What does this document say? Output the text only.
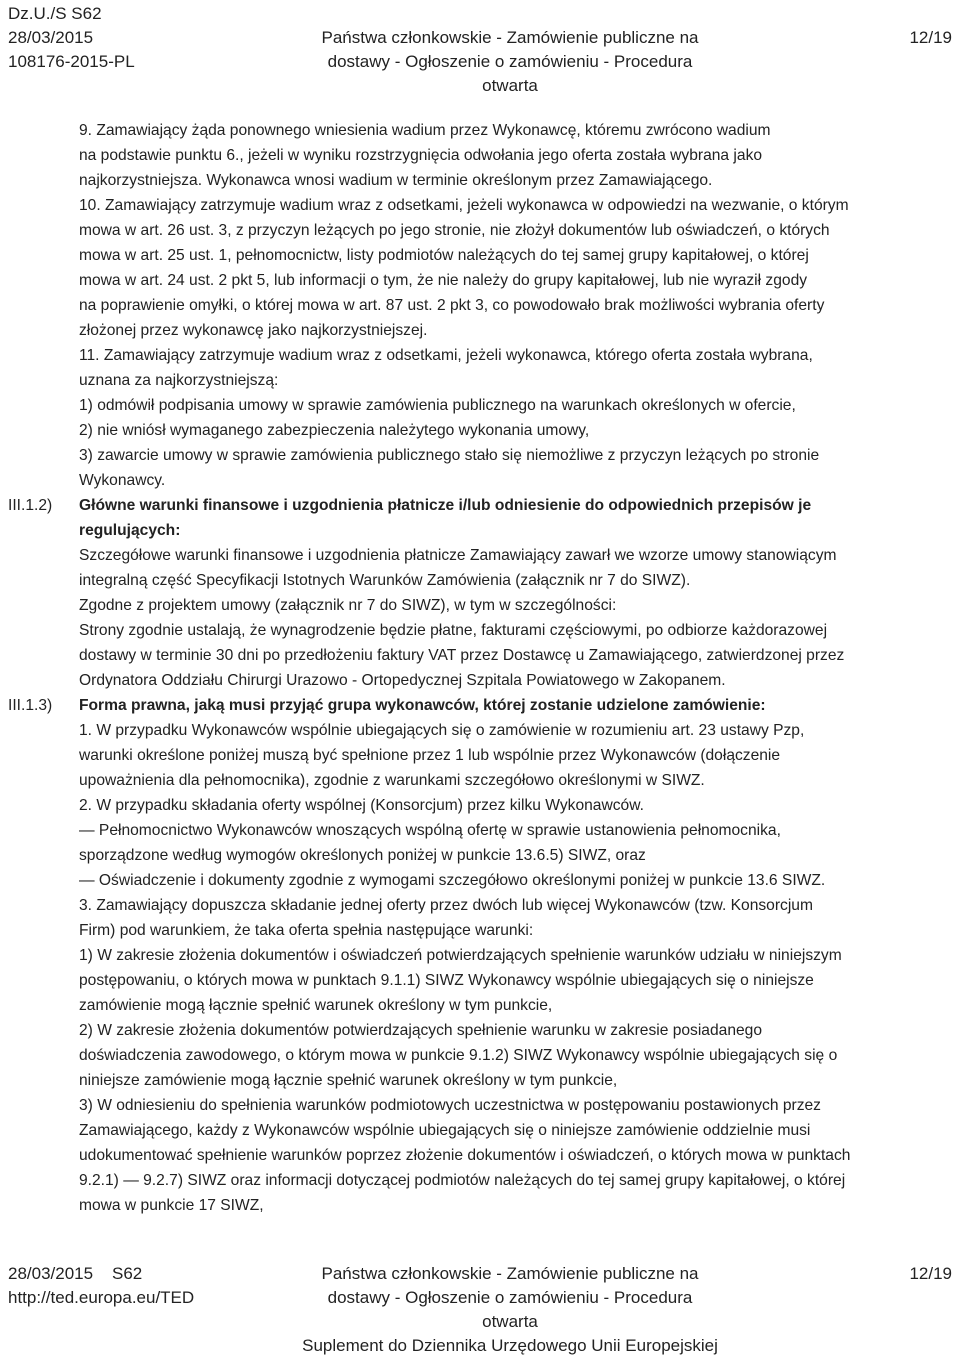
Dz.U./S S62
28/03/2015
108176-2015-PL
Państwa członkowskie - Zamówienie publiczne na
dostawy - Ogłoszenie o zamówieniu - Procedura otwarta
12/19
9. Zamawiający żąda ponownego wniesienia wadium przez Wykonawcę, któremu zwrócono wadium
na podstawie punktu 6., jeżeli w wyniku rozstrzygnięcia odwołania jego oferta została wybrana jako
najkorzystniejsza. Wykonawca wnosi wadium w terminie określonym przez Zamawiającego.
10. Zamawiający zatrzymuje wadium wraz z odsetkami, jeżeli wykonawca w odpowiedzi na wezwanie, o którym
mowa w art. 26 ust. 3, z przyczyn leżących po jego stronie, nie złożył dokumentów lub oświadczeń, o których
mowa w art. 25 ust. 1, pełnomocnictw, listy podmiotów należących do tej samej grupy kapitałowej, o której
mowa w art. 24 ust. 2 pkt 5, lub informacji o tym, że nie należy do grupy kapitałowej, lub nie wyraził zgody
na poprawienie omyłki, o której mowa w art. 87 ust. 2 pkt 3, co powodowało brak możliwości wybrania oferty
złożonej przez wykonawcę jako najkorzystniejszej.
11. Zamawiający zatrzymuje wadium wraz z odsetkami, jeżeli wykonawca, którego oferta została wybrana,
uznana za najkorzystniejszą:
1) odmówił podpisania umowy w sprawie zamówienia publicznego na warunkach określonych w ofercie,
2) nie wniósł wymaganego zabezpieczenia należytego wykonania umowy,
3) zawarcie umowy w sprawie zamówienia publicznego stało się niemożliwe z przyczyn leżących po stronie
Wykonawcy.
III.1.2) Główne warunki finansowe i uzgodnienia płatnicze i/lub odniesienie do odpowiednich przepisów je
regulujących:
Szczegółowe warunki finansowe i uzgodnienia płatnicze Zamawiający zawarł we wzorze umowy stanowiącym
integralną część Specyfikacji Istotnych Warunków Zamówienia (załącznik nr 7 do SIWZ).
Zgodne z projektem umowy (załącznik nr 7 do SIWZ), w tym w szczególności:
Strony zgodnie ustalają, że wynagrodzenie będzie płatne, fakturami częściowymi, po odbiorze każdorazowej
dostawy w terminie 30 dni po przedłożeniu faktury VAT przez Dostawcę u Zamawiającego, zatwierdzonej przez
Ordynatora Oddziału Chirurgi Urazowo - Ortopedycznej Szpitala Powiatowego w Zakopanem.
III.1.3) Forma prawna, jaką musi przyjąć grupa wykonawców, której zostanie udzielone zamówienie:
1. W przypadku Wykonawców wspólnie ubiegających się o zamówienie w rozumieniu art. 23 ustawy Pzp,
warunki określone poniżej muszą być spełnione przez 1 lub wspólnie przez Wykonawców (dołączenie
upoważnienia dla pełnomocnika), zgodnie z warunkami szczegółowo określonymi w SIWZ.
2. W przypadku składania oferty wspólnej (Konsorcjum) przez kilku Wykonawców.
— Pełnomocnictwo Wykonawców wnoszących wspólną ofertę w sprawie ustanowienia pełnomocnika,
sporządzone według wymogów określonych poniżej w punkcie 13.6.5) SIWZ, oraz
— Oświadczenie i dokumenty zgodnie z wymogami szczegółowo określonymi poniżej w punkcie 13.6 SIWZ.
3. Zamawiający dopuszcza składanie jednej oferty przez dwóch lub więcej Wykonawców (tzw. Konsorcjum
Firm) pod warunkiem, że taka oferta spełnia następujące warunki:
1) W zakresie złożenia dokumentów i oświadczeń potwierdzających spełnienie warunków udziału w niniejszym
postępowaniu, o których mowa w punktach 9.1.1) SIWZ Wykonawcy wspólnie ubiegających się o niniejsze
zamówienie mogą łącznie spełnić warunek określony w tym punkcie,
2) W zakresie złożenia dokumentów potwierdzających spełnienie warunku w zakresie posiadanego
doświadczenia zawodowego, o którym mowa w punkcie 9.1.2) SIWZ Wykonawcy wspólnie ubiegających się o
niniejsze zamówienie mogą łącznie spełnić warunek określony w tym punkcie,
3) W odniesieniu do spełnienia warunków podmiotowych uczestnictwa w postępowaniu postawionych przez
Zamawiającego, każdy z Wykonawców wspólnie ubiegających się o niniejsze zamówienie oddzielnie musi
udokumentować spełnienie warunków poprzez złożenie dokumentów i oświadczeń, o których mowa w punktach
9.2.1) — 9.2.7) SIWZ oraz informacji dotyczącej podmiotów należących do tej samej grupy kapitałowej, o której
mowa w punkcie 17 SIWZ,
28/03/2015    S62
http://ted.europa.eu/TED
Państwa członkowskie - Zamówienie publiczne na
dostawy - Ogłoszenie o zamówieniu - Procedura otwarta
Suplement do Dziennika Urzędowego Unii Europejskiej
12/19
